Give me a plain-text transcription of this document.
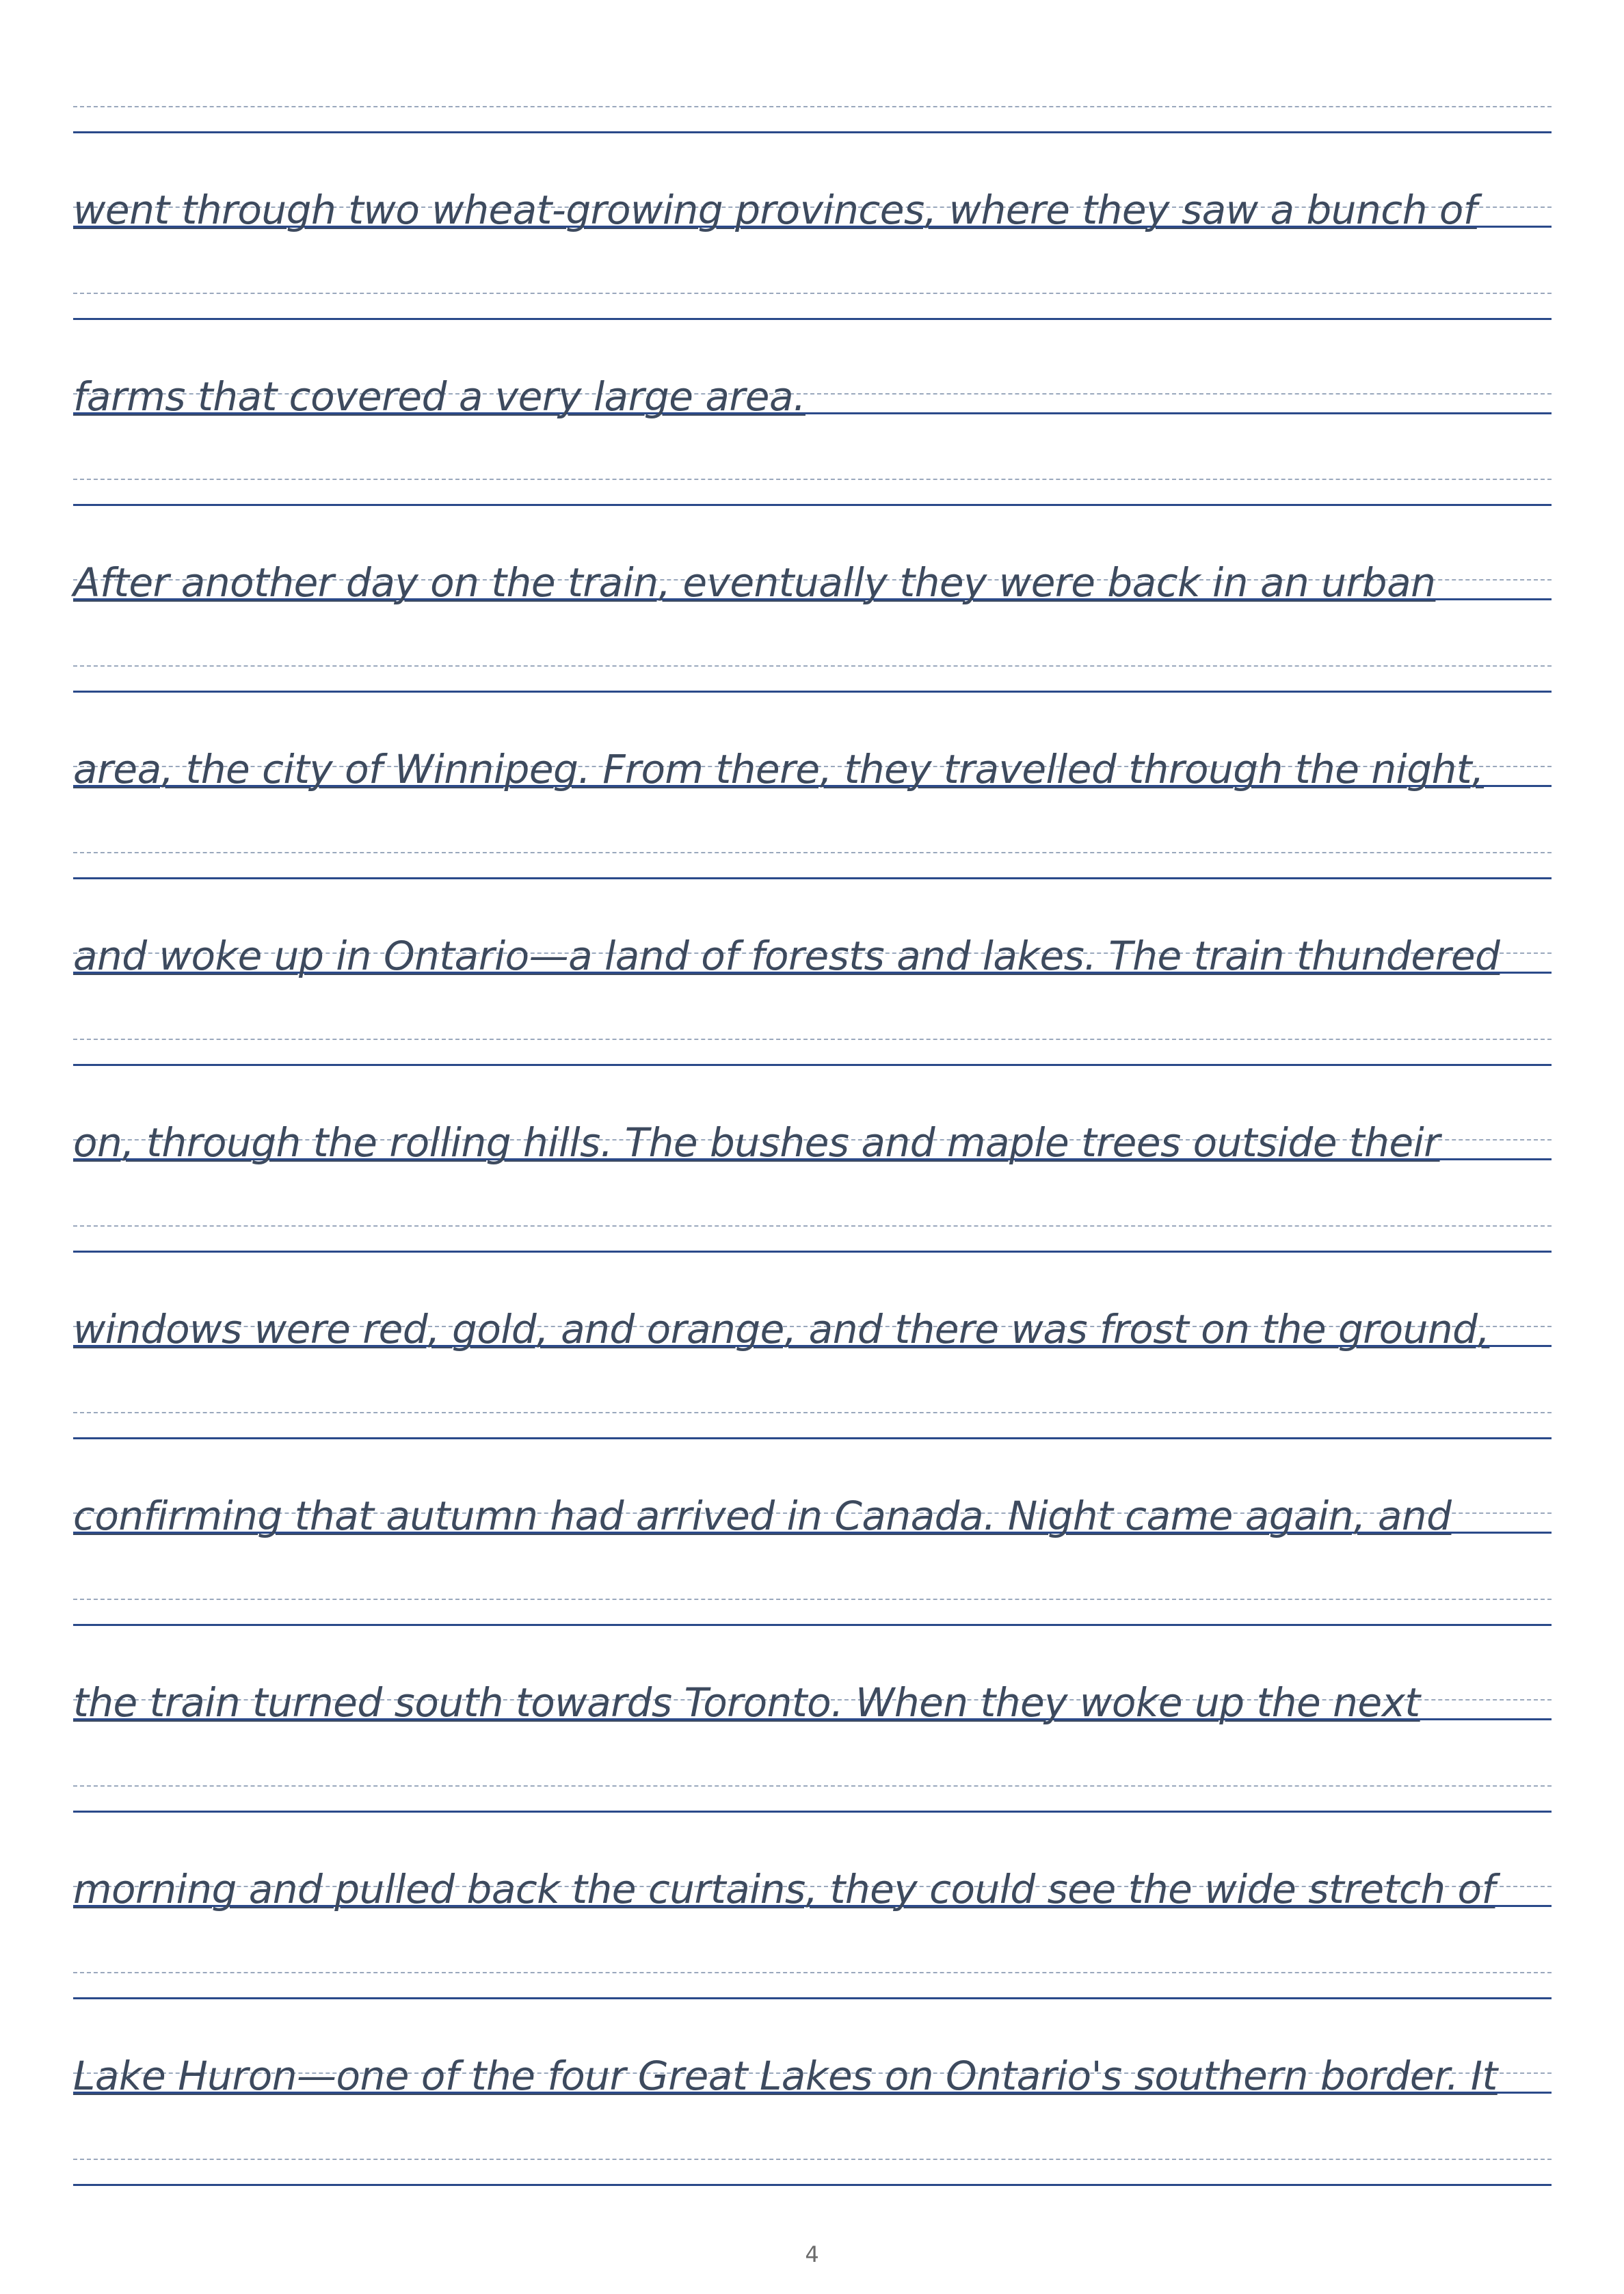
went through two wheat-growing provinces, where they saw a bunch of
farms that covered a very large area.
After another day on the train, eventually they were back in an urban
area, the city of Winnipeg. From there, they travelled through the night,
and woke up in Ontario—a land of forests and lakes. The train thundered
on, through the rolling hills. The bushes and maple trees outside their
windows were red, gold, and orange, and there was frost on the ground,
confirming that autumn had arrived in Canada. Night came again, and
the train turned south towards Toronto. When they woke up the next
morning and pulled back the curtains, they could see the wide stretch of
Lake Huron—one of the four Great Lakes on Ontario's southern border. It
4
